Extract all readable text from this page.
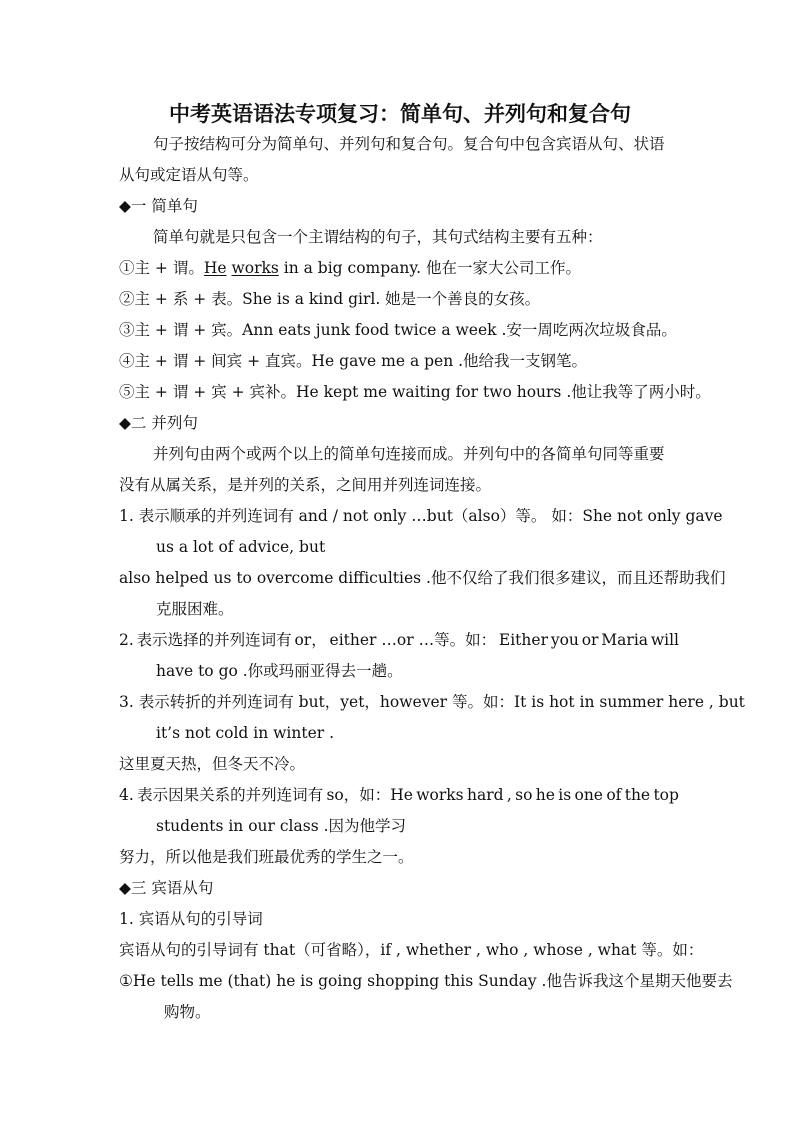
中考英语语法专项复习：简单句、并列句和复合句
句子按结构可分为简单句、并列句和复合句。复合句中包含宾语从句、状语
从句或定语从句等。
◆一 简单句
简单句就是只包含一个主谓结构的句子，其句式结构主要有五种：
①主 + 谓。He works in a big company. 他在一家大公司工作。
②主 + 系 + 表。She is a kind girl. 她是一个善良的女孩。
③主 + 谓 + 宾。Ann eats junk food twice a week .安一周吃两次垃圾食品。
④主 + 谓 + 间宾 + 直宾。He gave me a pen .他给我一支钢笔。
⑤主 + 谓 + 宾 + 宾补。He kept me waiting for two hours .他让我等了两小时。
◆二 并列句
并列句由两个或两个以上的简单句连接而成。并列句中的各简单句同等重要
没有从属关系，是并列的关系，之间用并列连词连接。
1. 表示顺承的并列连词有 and / not only …but（also）等。 如：She not only gave
us a lot of advice, but
also helped us to overcome difficulties .他不仅给了我们很多建议，而且还帮助我们
克服困难。
2. 表示选择的并列连词有 or， either …or …等。如： Either you or Maria will
have to go .你或玛丽亚得去一趟。
3. 表示转折的并列连词有 but，yet，however 等。如：It is hot in summer here , but
it’s not cold in winter .
这里夏天热，但冬天不冷。
4. 表示因果关系的并列连词有 so，如：He works hard , so he is one of the top
students in our class .因为他学习
努力，所以他是我们班最优秀的学生之一。
◆三 宾语从句
1. 宾语从句的引导词
宾语从句的引导词有 that（可省略），if , whether , who , whose , what 等。如：
①He tells me (that) he is going shopping this Sunday .他告诉我这个星期天他要去
购物。
